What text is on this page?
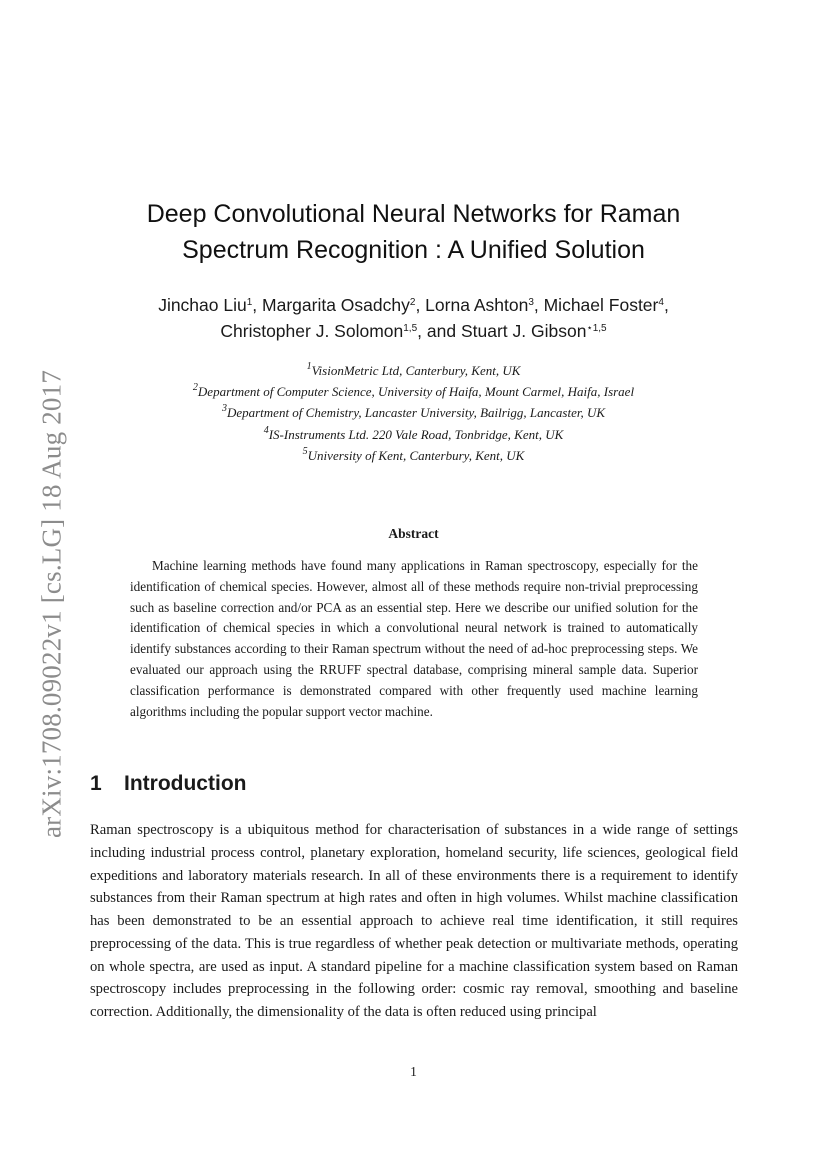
arXiv:1708.09022v1 [cs.LG] 18 Aug 2017
Deep Convolutional Neural Networks for Raman
Spectrum Recognition : A Unified Solution
Jinchao Liu$^1$, Margarita Osadchy$^2$, Lorna Ashton$^3$, Michael Foster$^4$,
Christopher J. Solomon$^{1,5}$, and Stuart J. Gibson$^{⋆1,5}$
$^1$VisionMetric Ltd, Canterbury, Kent, UK
$^2$Department of Computer Science, University of Haifa, Mount Carmel, Haifa, Israel
$^3$Department of Chemistry, Lancaster University, Bailrigg, Lancaster, UK
$^4$IS-Instruments Ltd. 220 Vale Road, Tonbridge, Kent, UK
$^5$University of Kent, Canterbury, Kent, UK
Abstract

Machine learning methods have found many applications in Raman spectroscopy, especially for the identification of chemical species. However, almost all of these methods require non-trivial preprocessing such as baseline correction and/or PCA as an essential step. Here we describe our unified solution for the identification of chemical species in which a convolutional neural network is trained to automatically identify substances according to their Raman spectrum without the need of ad-hoc preprocessing steps. We evaluated our approach using the RRUFF spectral database, comprising mineral sample data. Superior classification performance is demonstrated compared with other frequently used machine learning algorithms including the popular support vector machine.

1 Introduction

Raman spectroscopy is a ubiquitous method for characterisation of substances in a wide range of settings including industrial process control, planetary exploration, homeland security, life sciences, geological field expeditions and laboratory materials research. In all of these environments there is a requirement to identify substances from their Raman spectrum at high rates and often in high volumes. Whilst machine classification has been demonstrated to be an essential approach to achieve real time identification, it still requires preprocessing of the data. This is true regardless of whether peak detection or multivariate methods, operating on whole spectra, are used as input. A standard pipeline for a machine classification system based on Raman spectroscopy includes preprocessing in the following order: cosmic ray removal, smoothing and baseline correction. Additionally, the dimensionality of the data is often reduced using principal

1
